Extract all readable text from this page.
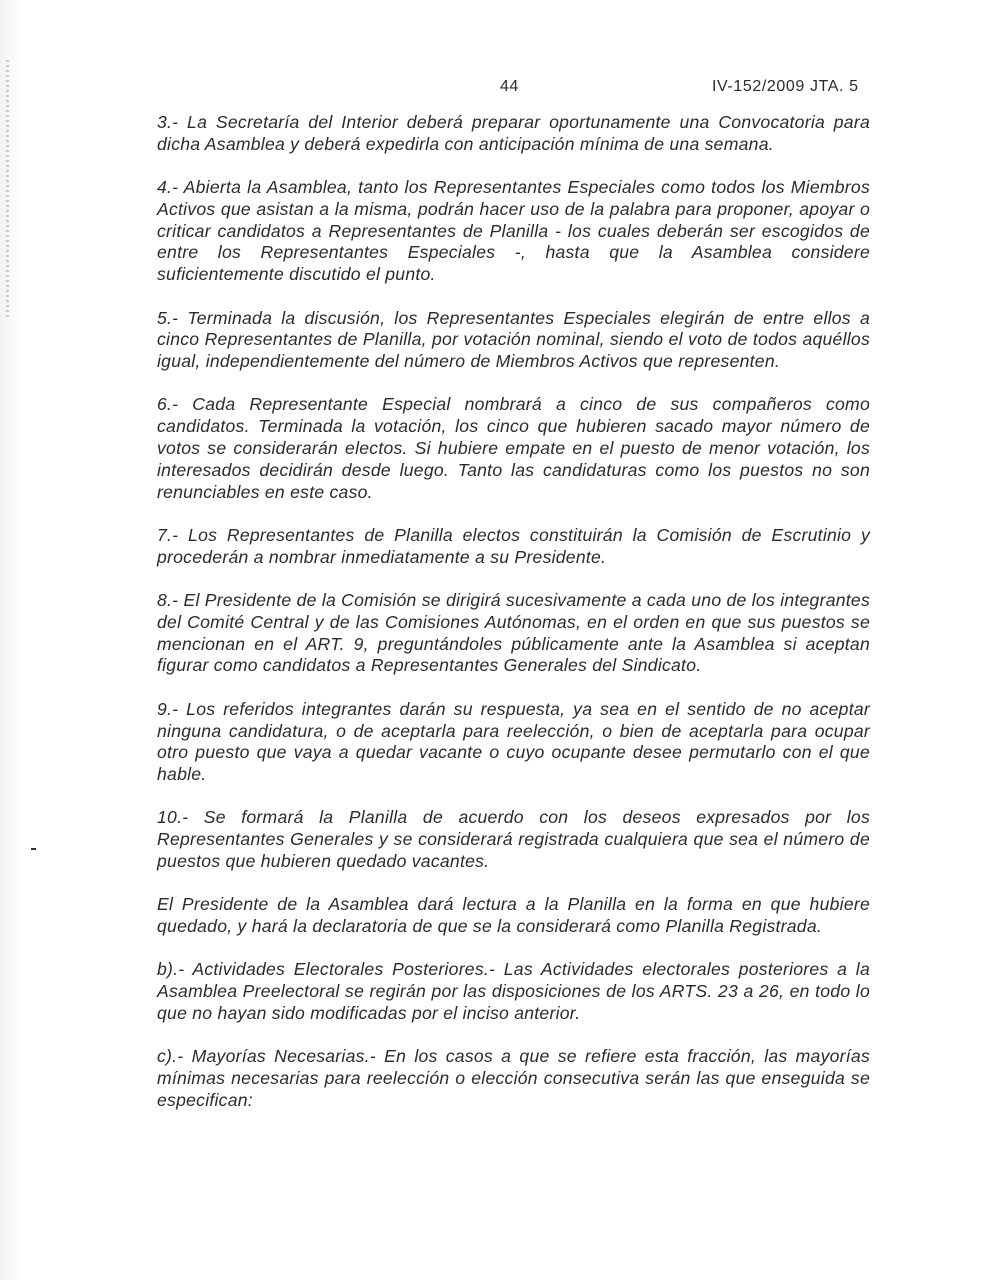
44	IV-152/2009 JTA. 5

3.- La Secretaría del Interior deberá preparar oportunamente una Convocatoria para dicha Asamblea y deberá expedirla con anticipación mínima de una semana.

4.- Abierta la Asamblea, tanto los Representantes Especiales como todos los Miembros Activos que asistan a la misma, podrán hacer uso de la palabra para proponer, apoyar o criticar candidatos a Representantes de Planilla - los cuales deberán ser escogidos de entre los Representantes Especiales -, hasta que la Asamblea considere suficientemente discutido el punto.

5.- Terminada la discusión, los Representantes Especiales elegirán de entre ellos a cinco Representantes de Planilla, por votación nominal, siendo el voto de todos aquéllos igual, independientemente del número de Miembros Activos que representen.

6.- Cada Representante Especial nombrará a cinco de sus compañeros como candidatos. Terminada la votación, los cinco que hubieren sacado mayor número de votos se considerarán electos. Si hubiere empate en el puesto de menor votación, los interesados decidirán desde luego. Tanto las candidaturas como los puestos no son renunciables en este caso.

7.- Los Representantes de Planilla electos constituirán la Comisión de Escrutinio y procederán a nombrar inmediatamente a su Presidente.

8.- El Presidente de la Comisión se dirigirá sucesivamente a cada uno de los integrantes del Comité Central y de las Comisiones Autónomas, en el orden en que sus puestos se mencionan en el ART. 9, preguntándoles públicamente ante la Asamblea si aceptan figurar como candidatos a Representantes Generales del Sindicato.

9.- Los referidos integrantes darán su respuesta, ya sea en el sentido de no aceptar ninguna candidatura, o de aceptarla para reelección, o bien de aceptarla para ocupar otro puesto que vaya a quedar vacante o cuyo ocupante desee permutarlo con el que hable.

10.- Se formará la Planilla de acuerdo con los deseos expresados por los Representantes Generales y se considerará registrada cualquiera que sea el número de puestos que hubieren quedado vacantes.

El Presidente de la Asamblea dará lectura a la Planilla en la forma en que hubiere quedado, y hará la declaratoria de que se la considerará como Planilla Registrada.

b).- Actividades Electorales Posteriores.- Las Actividades electorales posteriores a la Asamblea Preelectoral se regirán por las disposiciones de los ARTS. 23 a 26, en todo lo que no hayan sido modificadas por el inciso anterior.

c).- Mayorías Necesarias.- En los casos a que se refiere esta fracción, las mayorías mínimas necesarias para reelección o elección consecutiva serán las que enseguida se especifican:
